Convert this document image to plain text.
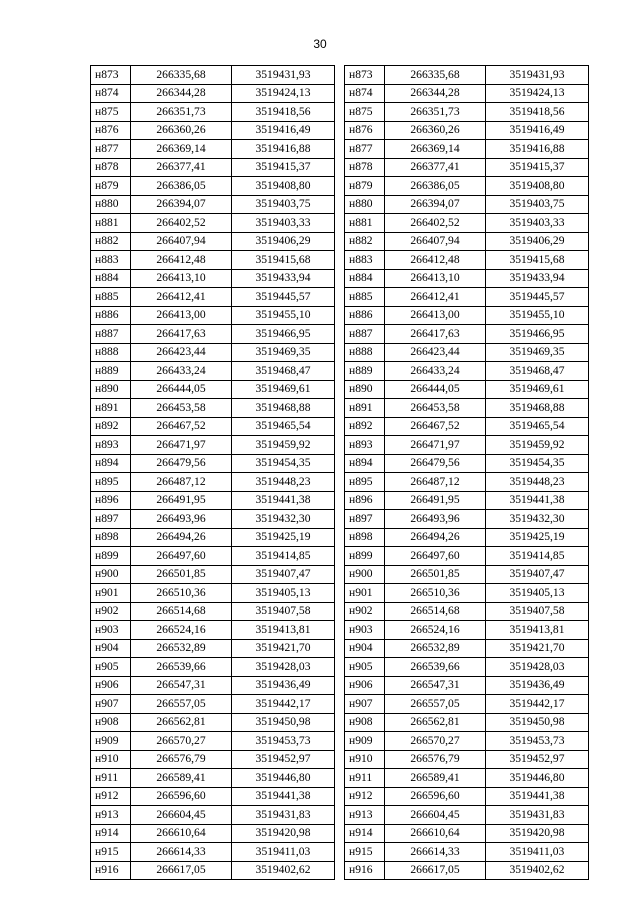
30
н873	266335,68	3519431,93
н874	266344,28	3519424,13
н875	266351,73	3519418,56
н876	266360,26	3519416,49
н877	266369,14	3519416,88
н878	266377,41	3519415,37
н879	266386,05	3519408,80
н880	266394,07	3519403,75
н881	266402,52	3519403,33
н882	266407,94	3519406,29
н883	266412,48	3519415,68
н884	266413,10	3519433,94
н885	266412,41	3519445,57
н886	266413,00	3519455,10
н887	266417,63	3519466,95
н888	266423,44	3519469,35
н889	266433,24	3519468,47
н890	266444,05	3519469,61
н891	266453,58	3519468,88
н892	266467,52	3519465,54
н893	266471,97	3519459,92
н894	266479,56	3519454,35
н895	266487,12	3519448,23
н896	266491,95	3519441,38
н897	266493,96	3519432,30
н898	266494,26	3519425,19
н899	266497,60	3519414,85
н900	266501,85	3519407,47
н901	266510,36	3519405,13
н902	266514,68	3519407,58
н903	266524,16	3519413,81
н904	266532,89	3519421,70
н905	266539,66	3519428,03
н906	266547,31	3519436,49
н907	266557,05	3519442,17
н908	266562,81	3519450,98
н909	266570,27	3519453,73
н910	266576,79	3519452,97
н911	266589,41	3519446,80
н912	266596,60	3519441,38
н913	266604,45	3519431,83
н914	266610,64	3519420,98
н915	266614,33	3519411,03
н916	266617,05	3519402,62
н873	266335,68	3519431,93
н874	266344,28	3519424,13
н875	266351,73	3519418,56
н876	266360,26	3519416,49
н877	266369,14	3519416,88
н878	266377,41	3519415,37
н879	266386,05	3519408,80
н880	266394,07	3519403,75
н881	266402,52	3519403,33
н882	266407,94	3519406,29
н883	266412,48	3519415,68
н884	266413,10	3519433,94
н885	266412,41	3519445,57
н886	266413,00	3519455,10
н887	266417,63	3519466,95
н888	266423,44	3519469,35
н889	266433,24	3519468,47
н890	266444,05	3519469,61
н891	266453,58	3519468,88
н892	266467,52	3519465,54
н893	266471,97	3519459,92
н894	266479,56	3519454,35
н895	266487,12	3519448,23
н896	266491,95	3519441,38
н897	266493,96	3519432,30
н898	266494,26	3519425,19
н899	266497,60	3519414,85
н900	266501,85	3519407,47
н901	266510,36	3519405,13
н902	266514,68	3519407,58
н903	266524,16	3519413,81
н904	266532,89	3519421,70
н905	266539,66	3519428,03
н906	266547,31	3519436,49
н907	266557,05	3519442,17
н908	266562,81	3519450,98
н909	266570,27	3519453,73
н910	266576,79	3519452,97
н911	266589,41	3519446,80
н912	266596,60	3519441,38
н913	266604,45	3519431,83
н914	266610,64	3519420,98
н915	266614,33	3519411,03
н916	266617,05	3519402,62
